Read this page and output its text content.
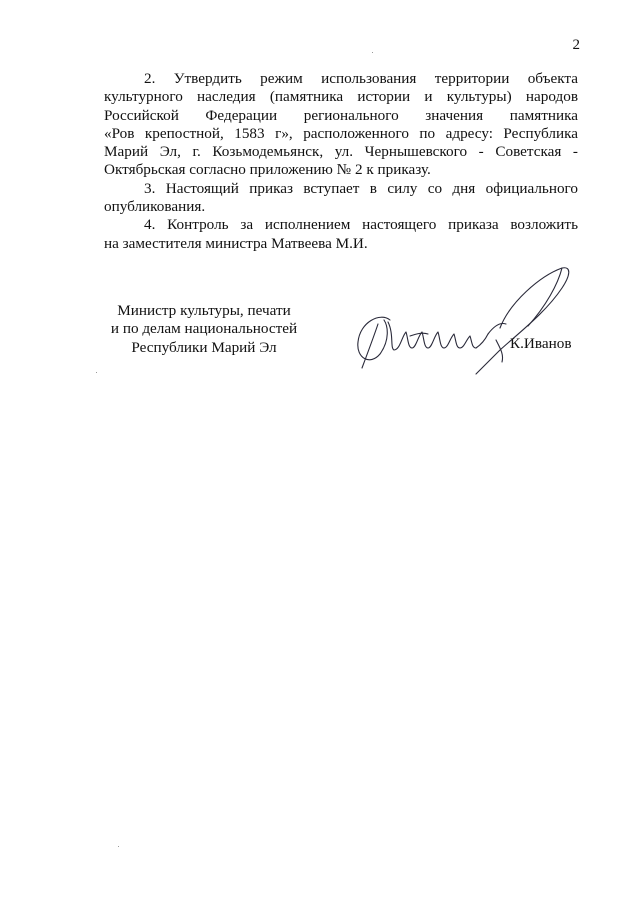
2

2. Утвердить режим использования территории объекта
культурного наследия (памятника истории и культуры) народов
Российской Федерации регионального значения памятника
«Ров крепостной, 1583 г», расположенного по адресу: Республика
Марий Эл, г. Козьмодемьянск, ул. Чернышевского - Советская -
Октябрьская согласно приложению № 2 к приказу.

3. Настоящий приказ вступает в силу со дня официального
опубликования.

4. Контроль за исполнением настоящего приказа возложить
на заместителя министра Матвеева М.И.

Министр культуры, печати
и по делам национальностей
Республики Марий Эл	К.Иванов
